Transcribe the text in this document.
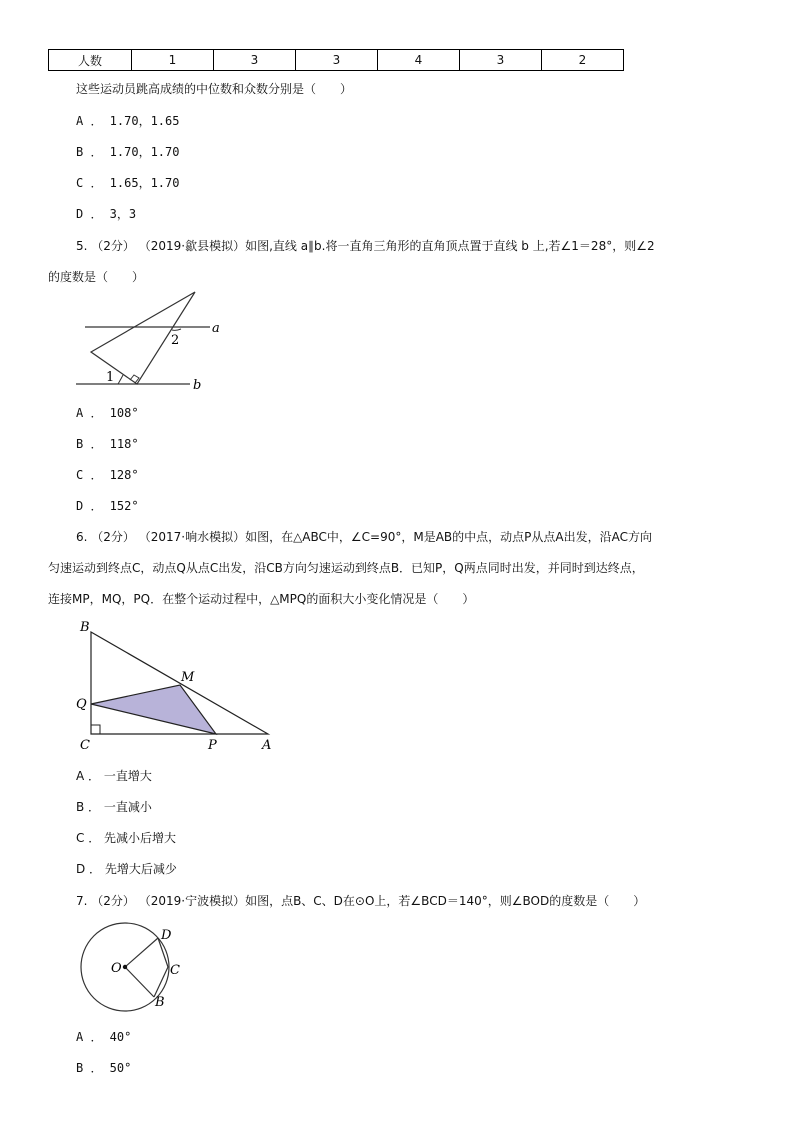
人数	1	3	3	4	3	2
这些运动员跳高成绩的中位数和众数分别是（　　）
A ． 1.70，1.65
B ． 1.70，1.70
C ． 1.65，1.70
D ． 3，3
5. （2分） （2019·歙县模拟）如图,直线 a∥b.将一直角三角形的直角顶点置于直线 b 上,若∠1＝28°，则∠2
的度数是（　　）
a
b
1
2
A ． 108°
B ． 118°
C ． 128°
D ． 152°
6. （2分） （2017·响水模拟）如图，在△ABC中，∠C=90°，M是AB的中点，动点P从点A出发，沿AC方向
匀速运动到终点C，动点Q从点C出发，沿CB方向匀速运动到终点B．已知P，Q两点同时出发，并同时到达终点，
连接MP，MQ，PQ．在整个运动过程中，△MPQ的面积大小变化情况是（　　）
B
M
Q
C	P	A
A ． 一直增大
B ． 一直减小
C ． 先减小后增大
D ． 先增大后减少
7. （2分） （2019·宁波模拟）如图，点B、C、D在⊙O上，若∠BCD＝140°，则∠BOD的度数是（　　）
O
D
C
B
A ． 40°
B ． 50°
